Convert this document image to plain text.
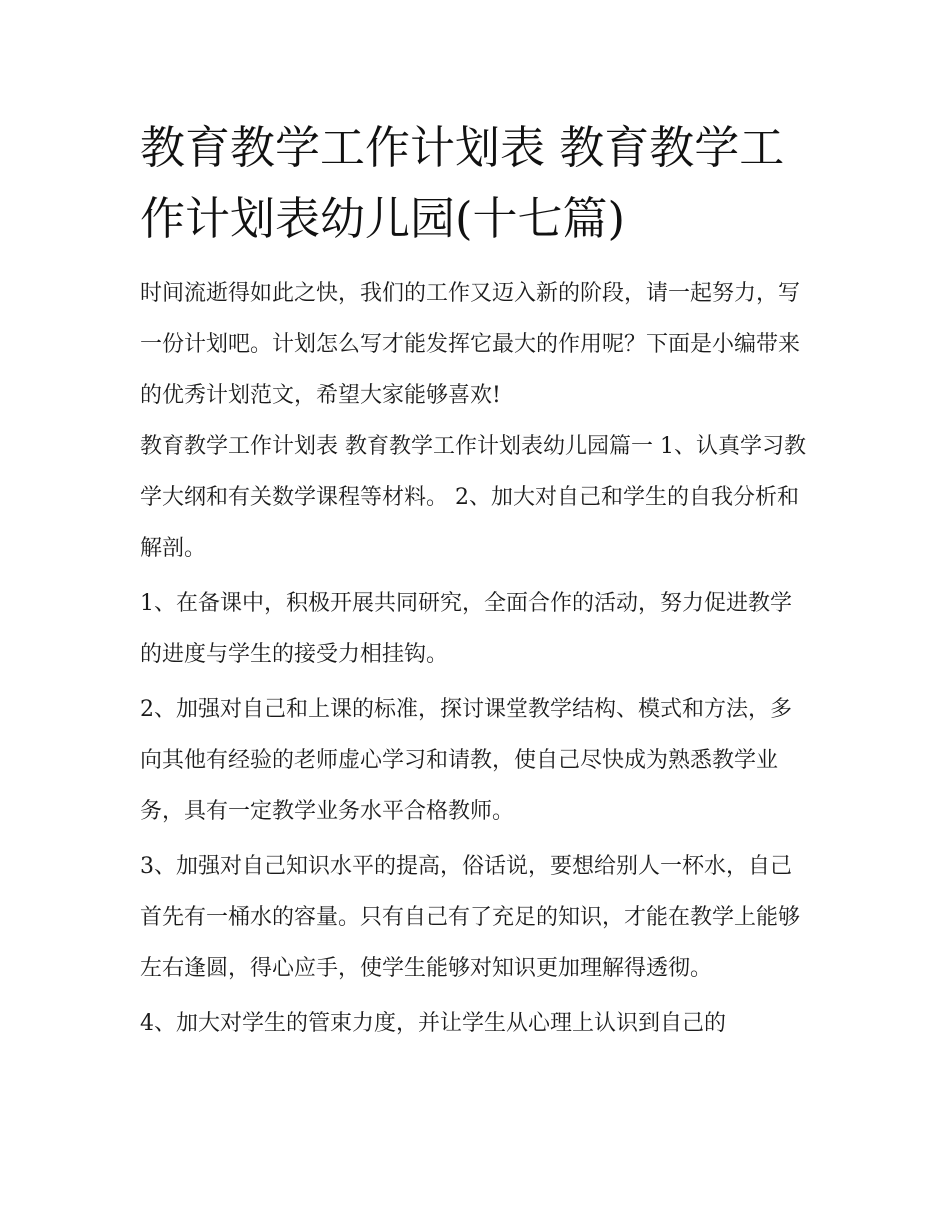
教育教学工作计划表 教育教学工作计划表幼儿园(十七篇)

时间流逝得如此之快，我们的工作又迈入新的阶段，请一起努力，写一份计划吧。计划怎么写才能发挥它最大的作用呢？下面是小编带来的优秀计划范文，希望大家能够喜欢!

教育教学工作计划表 教育教学工作计划表幼儿园篇一 1、认真学习教学大纲和有关数学课程等材料。 2、加大对自己和学生的自我分析和解剖。

1、在备课中，积极开展共同研究，全面合作的活动，努力促进教学的进度与学生的接受力相挂钩。

2、加强对自己和上课的标准，探讨课堂教学结构、模式和方法，多向其他有经验的老师虚心学习和请教，使自己尽快成为熟悉教学业务，具有一定教学业务水平合格教师。

3、加强对自己知识水平的提高，俗话说，要想给别人一杯水，自己首先有一桶水的容量。只有自己有了充足的知识，才能在教学上能够左右逢圆，得心应手，使学生能够对知识更加理解得透彻。

4、加大对学生的管束力度，并让学生从心理上认识到自己的
